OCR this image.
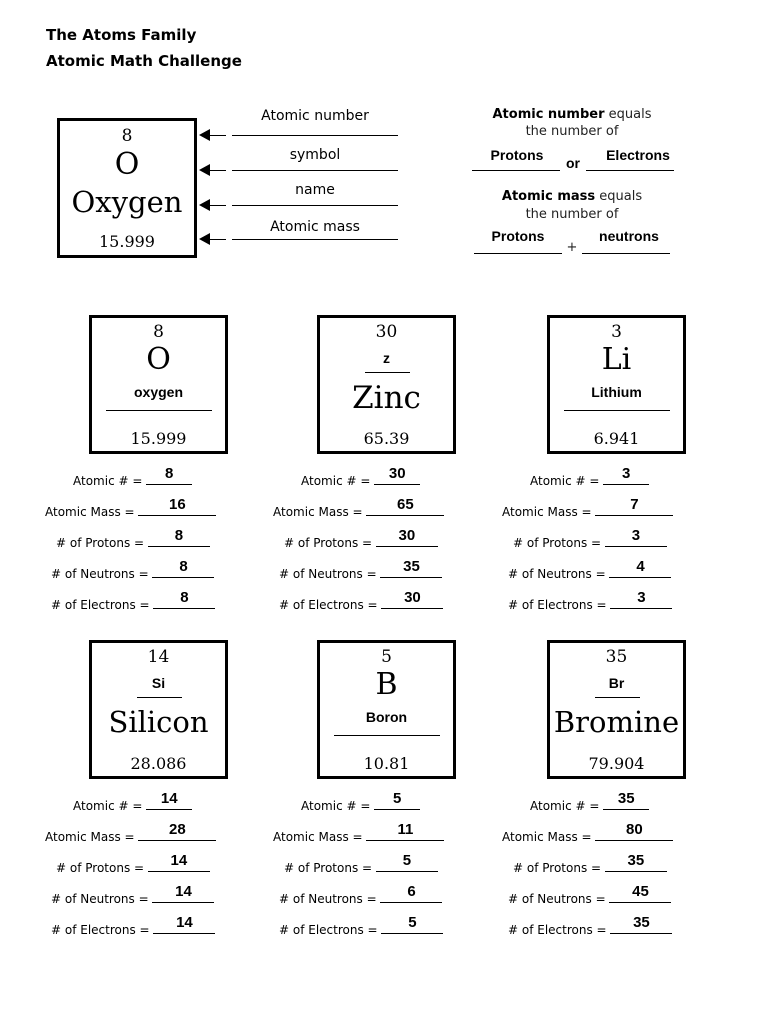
The Atoms Family
Atomic Math Challenge
8
O
Oxygen
15.999
Atomic number
symbol
name
Atomic mass
Atomic number equals
the number of
Protons	or	Electrons
Atomic mass equals
the number of
Protons
+
neutrons
8
O
oxygen
15.999
Atomic # =	8
Atomic Mass =	16
# of Protons =	8
# of Neutrons =	8
# of Electrons =	8
30
z
Zinc
65.39
Atomic # = 30
Atomic Mass =	65
# of Protons =	30
# of Neutrons =	35
# of Electrons =	30
3
Li
Lithium
6.941
Atomic # =	3
Atomic Mass =	7
# of Protons =	3
# of Neutrons =	4
# of Electrons =	3
14
Si
Silicon
28.086
Atomic # = 14
Atomic Mass =	28
# of Protons =	14
# of Neutrons =	14
# of Electrons =	14
5
B
Boron
10.81
Atomic # =	5
Atomic Mass =	11
# of Protons =	5
# of Neutrons =	6
# of Electrons =	5
35
Br
Bromine
79.904
Atomic # = 35
Atomic Mass =	80
# of Protons =	35
# of Neutrons =	45
# of Electrons =	35
